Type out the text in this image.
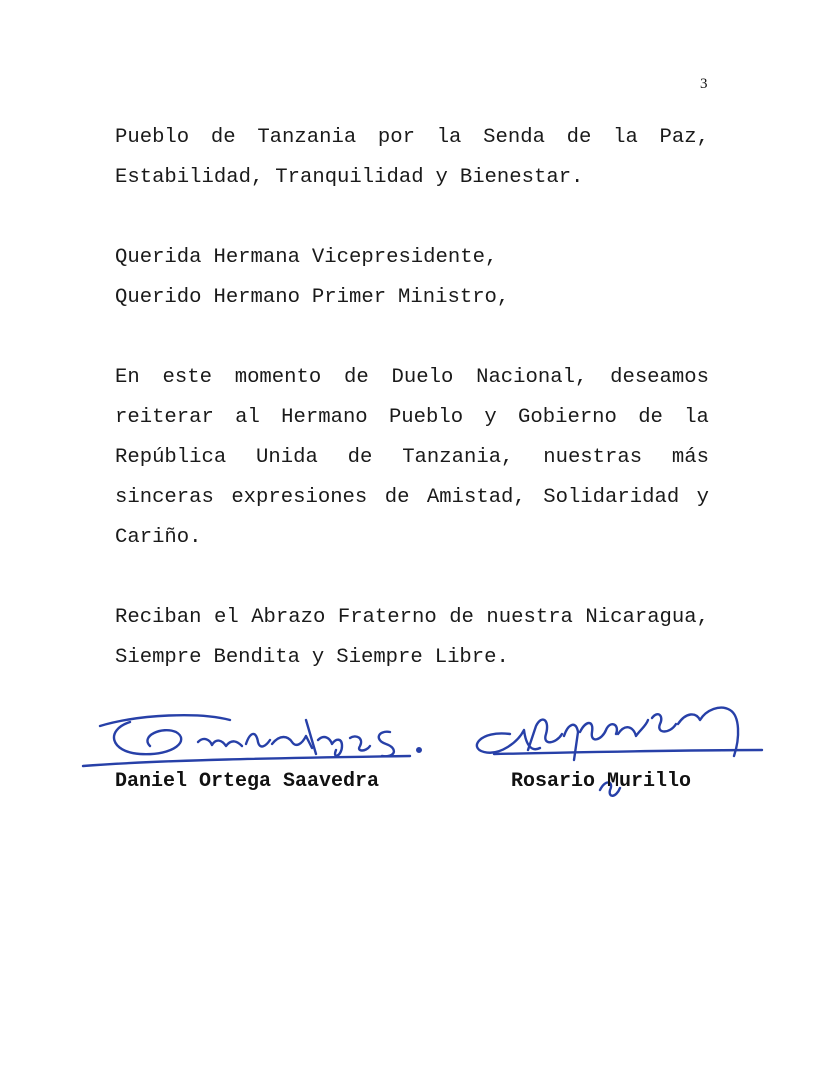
3
Pueblo de Tanzania por la Senda de la Paz,
Estabilidad, Tranquilidad y Bienestar.
Querida Hermana Vicepresidente,
Querido Hermano Primer Ministro,
En este momento de Duelo Nacional, deseamos
reiterar al Hermano Pueblo y Gobierno de la
República Unida de Tanzania, nuestras más
sinceras expresiones de Amistad, Solidaridad y
Cariño.
Reciban el Abrazo Fraterno de nuestra Nicaragua,
Siempre Bendita y Siempre Libre.
Daniel Ortega Saavedra	Rosario Murillo
